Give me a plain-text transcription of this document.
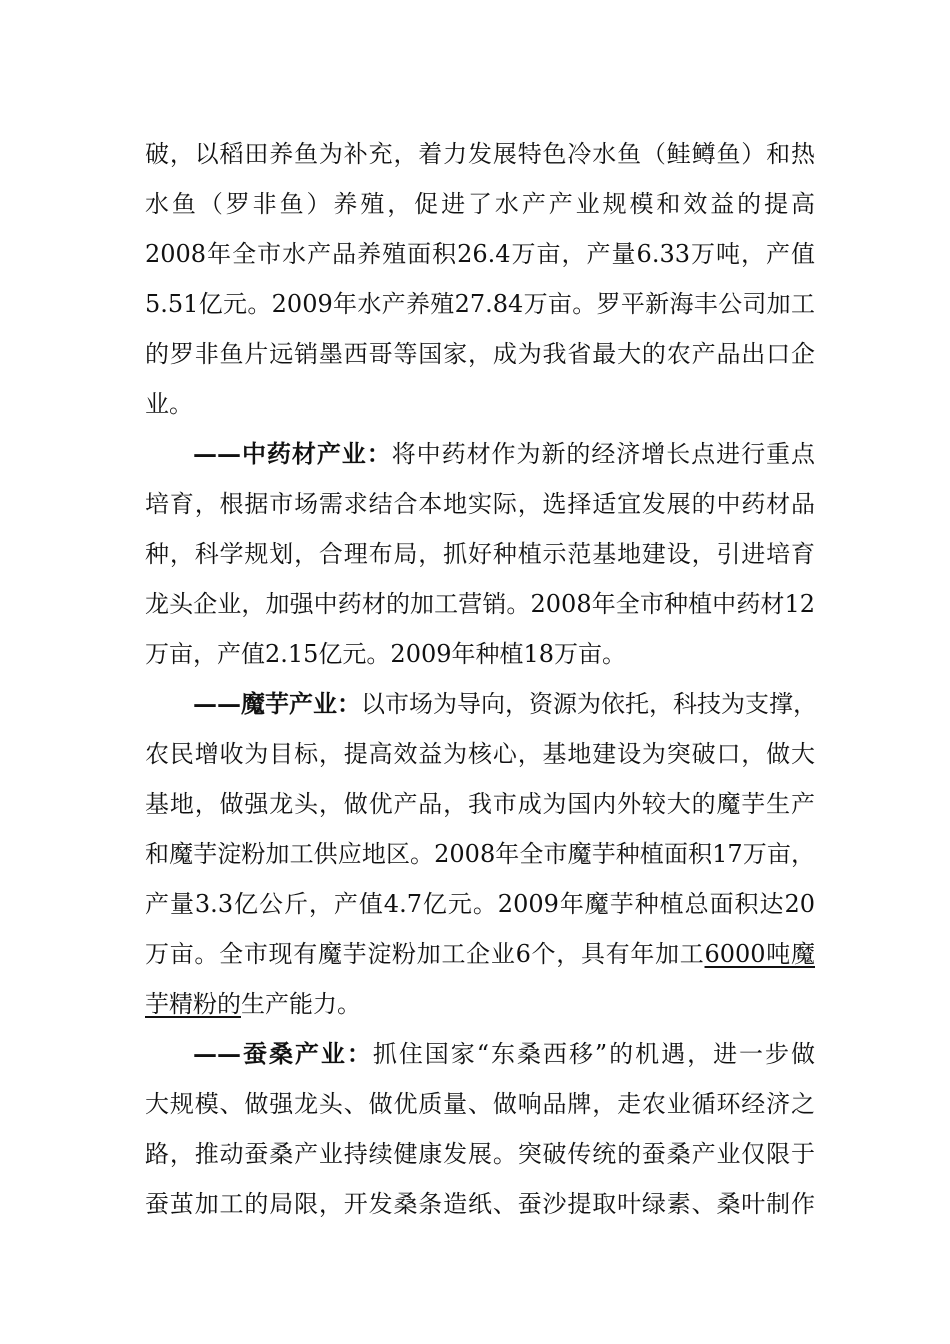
破，以稻田养鱼为补充，着力发展特色冷水鱼（鲑鳟鱼）和热
水鱼（罗非鱼）养殖，促进了水产产业规模和效益的提高
2008年全市水产品养殖面积26.4万亩，产量6.33万吨，产值
5.51亿元。2009年水产养殖27.84万亩。罗平新海丰公司加工
的罗非鱼片远销墨西哥等国家，成为我省最大的农产品出口企
业。
——中药材产业：将中药材作为新的经济增长点进行重点
培育，根据市场需求结合本地实际，选择适宜发展的中药材品
种，科学规划，合理布局，抓好种植示范基地建设，引进培育
龙头企业，加强中药材的加工营销。2008年全市种植中药材12
万亩，产值2.15亿元。2009年种植18万亩。
——魔芋产业：以市场为导向，资源为依托，科技为支撑，
农民增收为目标，提高效益为核心，基地建设为突破口，做大
基地，做强龙头，做优产品，我市成为国内外较大的魔芋生产
和魔芋淀粉加工供应地区。2008年全市魔芋种植面积17万亩，
产量3.3亿公斤，产值4.7亿元。2009年魔芋种植总面积达20
万亩。全市现有魔芋淀粉加工企业6个，具有年加工6000吨魔
芋精粉的生产能力。
——蚕桑产业：抓住国家“东桑西移”的机遇，进一步做
大规模、做强龙头、做优质量、做响品牌，走农业循环经济之
路，推动蚕桑产业持续健康发展。突破传统的蚕桑产业仅限于
蚕茧加工的局限，开发桑条造纸、蚕沙提取叶绿素、桑叶制作
